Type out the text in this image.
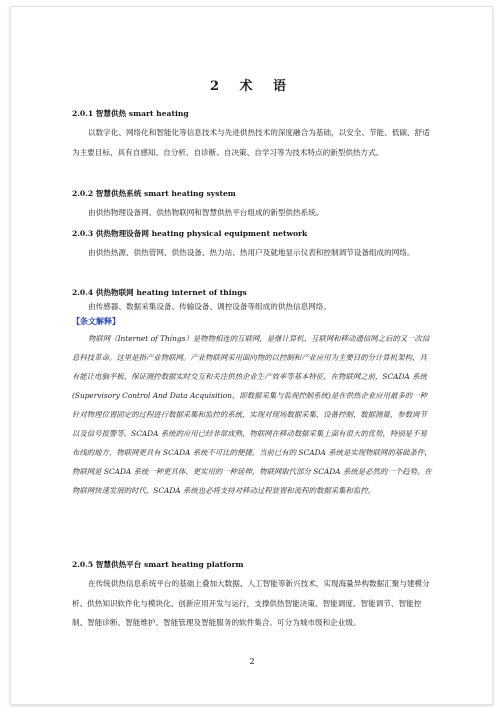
2 术 语
2.0.1 智慧供热 smart heating

以数字化、网络化和智能化等信息技术与先进供热技术的深度融合为基础，以安全、节能、低碳、舒适为主要目标，具有自感知、自分析、自诊断、自决策、自学习等为技术特点的新型供热方式。

2.0.2 智慧供热系统 smart heating system

由供热物理设备网、供热物联网和智慧供热平台组成的新型供热系统。

2.0.3 供热物理设备网 heating physical equipment network

由供热热源、供热管网、供热设备、热力站、热用户及就地显示仪表和控制调节设备组成的网络。

2.0.4 供热物联网 heating internet of things

由传感器、数据采集设备、传输设备、调控设备等组成的供热信息网络。

【条文解释】

物联网（Internet of Things）是物物相连的互联网，是继计算机、互联网和移动通信网之后的又一次信息科技革命。这里是指产业物联网。产业物联网采用面向物的以控制和产业应用为主要目的分计算机架构，具有能让电脑平板、保证测控数据实时交互和关注供热企业生产效率等基本特征。在物联网之前，SCADA 系统(Supervisory Control And Data Acquisition，即数据采集与监视控制系统)是在供热企业应用最多的一种针对物理位置固定的过程进行数据采集和监控的系统，实现对现场数据采集、设备控制、数据测量、参数调节以及信号报警等。SCADA 系统的应用已经非常成熟，物联网在移动数据采集上面有很大的优势，特别是不易布线的地方，物联网更具有 SCADA 系统不可比的便捷。当前已有的 SCADA 系统是实现物联网的基础条件，物联网是 SCADA 系统一种更具体、更实用的一种延伸，物联网取代部分 SCADA 系统是必然的一个趋势。在物联网快速发展的时代，SCADA 系统也必将支持对移动过程装置和流程的数据采集和监控。

2.0.5 智慧供热平台 smart heating platform

在传统供热信息系统平台的基础上叠加大数据、人工智能等新兴技术，实现海量异构数据汇聚与建模分析、供热知识软件化与模块化、创新应用开发与运行，支撑供热智能决策、智能调度、智能调节、智能控制、智能诊断、智能维护、智能管理及智能服务的软件集合。可分为城市级和企业级。

2
